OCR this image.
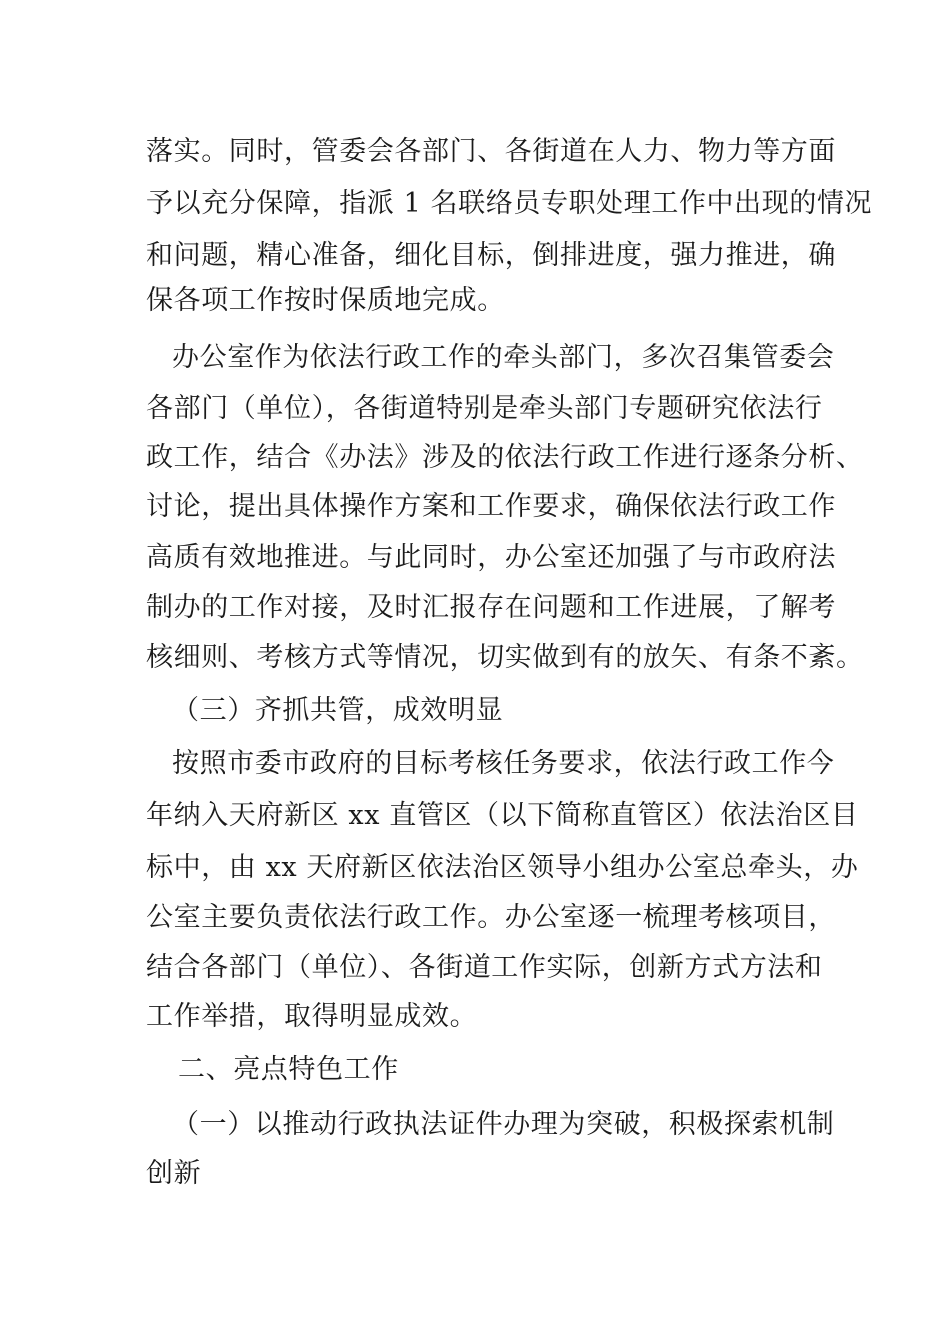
落实。同时，管委会各部门、各街道在人力、物力等方面
予以充分保障，指派 1 名联络员专职处理工作中出现的情况
和问题，精心准备，细化目标，倒排进度，强力推进，确
保各项工作按时保质地完成。
办公室作为依法行政工作的牵头部门，多次召集管委会
各部门（单位），各街道特别是牵头部门专题研究依法行
政工作，结合《办法》涉及的依法行政工作进行逐条分析、
讨论，提出具体操作方案和工作要求，确保依法行政工作
高质有效地推进。与此同时，办公室还加强了与市政府法
制办的工作对接，及时汇报存在问题和工作进展，了解考
核细则、考核方式等情况，切实做到有的放矢、有条不紊。
（三）齐抓共管，成效明显
按照市委市政府的目标考核任务要求，依法行政工作今
年纳入天府新区 xx 直管区（以下简称直管区）依法治区目
标中，由 xx 天府新区依法治区领导小组办公室总牵头，办
公室主要负责依法行政工作。办公室逐一梳理考核项目，
结合各部门（单位）、各街道工作实际，创新方式方法和
工作举措，取得明显成效。
二、亮点特色工作
（一）以推动行政执法证件办理为突破，积极探索机制
创新
